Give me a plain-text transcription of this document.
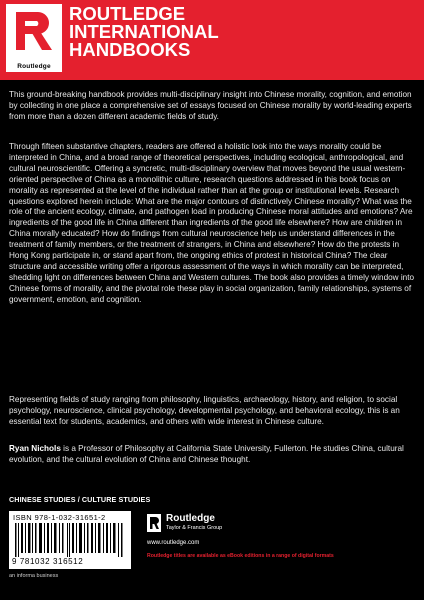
Routledge
ROUTLEDGE
INTERNATIONAL
HANDBOOKS

This ground-breaking handbook provides multi-disciplinary insight into Chinese morality, cognition, and emotion by collecting in one place a comprehensive set of essays focused on Chinese morality by world-leading experts from more than a dozen different academic fields of study.

Through fifteen substantive chapters, readers are offered a holistic look into the ways morality could be interpreted in China, and a broad range of theoretical perspectives, including ecological, anthropological, and cultural neuroscientific. Offering a syncretic, multi-disciplinary overview that moves beyond the usual western-oriented perspective of China as a monolithic culture, research questions addressed in this book focus on morality as represented at the level of the individual rather than at the group or institutional levels. Research questions explored herein include: What are the major contours of distinctively Chinese morality? What was the role of the ancient ecology, climate, and pathogen load in producing Chinese moral attitudes and emotions? Are ingredients of the good life in China different than ingredients of the good life elsewhere? How are children in China morally educated? How do findings from cultural neuroscience help us understand differences in the treatment of family members, or the treatment of strangers, in China and elsewhere? How do the protests in Hong Kong participate in, or stand apart from, the ongoing ethics of protest in historical China? The clear structure and accessible writing offer a rigorous assessment of the ways in which morality can be interpreted, shedding light on differences between China and Western cultures. The book also provides a timely window into Chinese forms of morality, and the pivotal role these play in social organization, family relationships, systems of government, emotion, and cognition.

Representing fields of study ranging from philosophy, linguistics, archaeology, history, and religion, to social psychology, neuroscience, clinical psychology, developmental psychology, and behavioral ecology, this is an essential text for students, academics, and others with wide interest in Chinese culture.

Ryan Nichols is a Professor of Philosophy at California State University, Fullerton. He studies China, cultural evolution, and the cultural evolution of China and Chinese thought.

CHINESE STUDIES / CULTURE STUDIES
ISBN 978-1-032-31651-2
9 781032 316512
an informa business
Routledge
Taylor & Francis Group
www.routledge.com
Routledge titles are available as eBook editions in a range of digital formats
